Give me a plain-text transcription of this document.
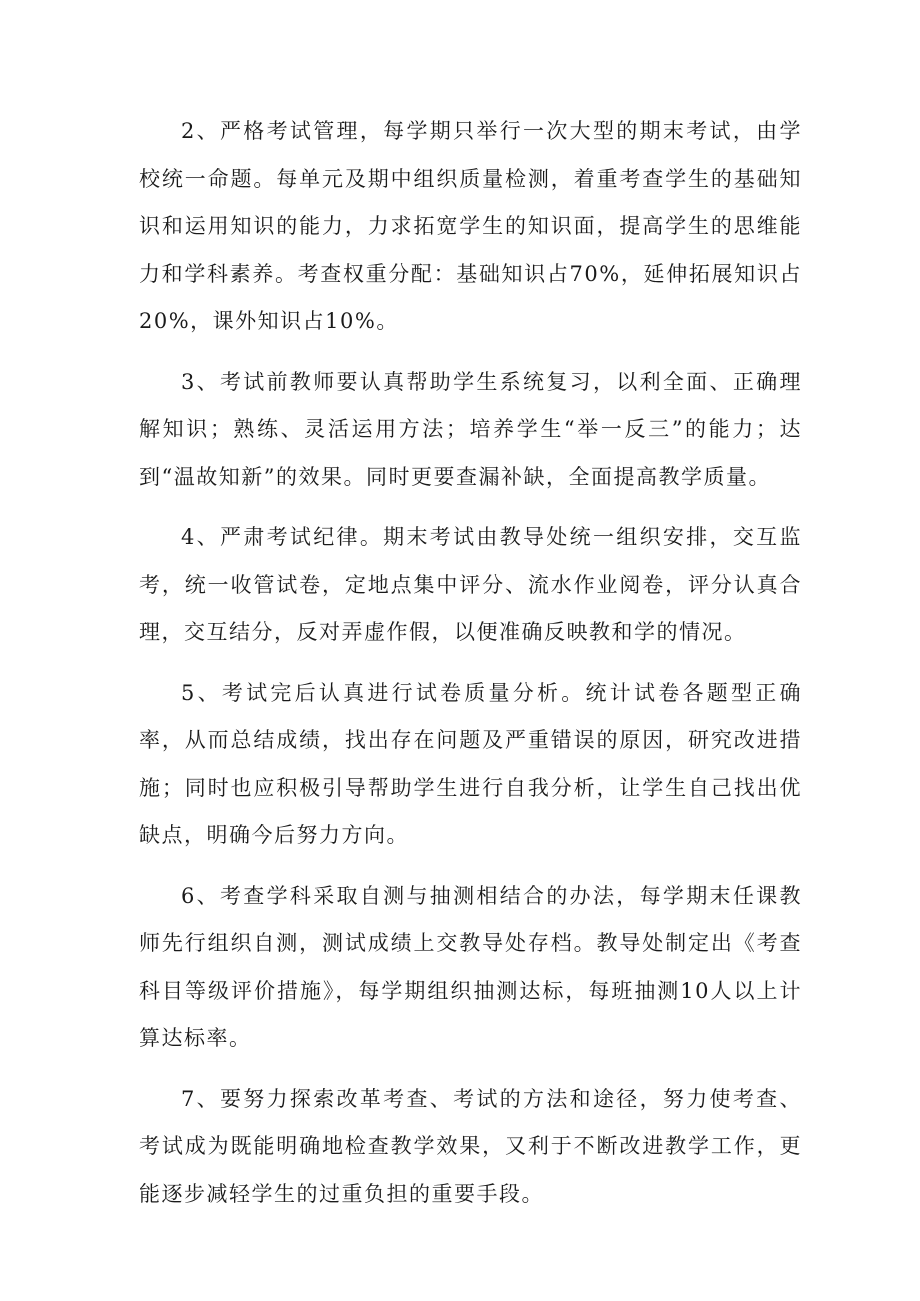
2、严格考试管理，每学期只举行一次大型的期末考试，由学校统一命题。每单元及期中组织质量检测，着重考查学生的基础知识和运用知识的能力，力求拓宽学生的知识面，提高学生的思维能力和学科素养。考查权重分配：基础知识占70%，延伸拓展知识占20%，课外知识占10%。

3、考试前教师要认真帮助学生系统复习，以利全面、正确理解知识；熟练、灵活运用方法；培养学生“举一反三”的能力；达到“温故知新”的效果。同时更要查漏补缺，全面提高教学质量。

4、严肃考试纪律。期末考试由教导处统一组织安排，交互监考，统一收管试卷，定地点集中评分、流水作业阅卷，评分认真合理，交互结分，反对弄虚作假，以便准确反映教和学的情况。

5、考试完后认真进行试卷质量分析。统计试卷各题型正确率，从而总结成绩，找出存在问题及严重错误的原因，研究改进措施；同时也应积极引导帮助学生进行自我分析，让学生自己找出优缺点，明确今后努力方向。

6、考查学科采取自测与抽测相结合的办法，每学期末任课教师先行组织自测，测试成绩上交教导处存档。教导处制定出《考查科目等级评价措施》，每学期组织抽测达标，每班抽测10人以上计算达标率。

7、要努力探索改革考查、考试的方法和途径，努力使考查、考试成为既能明确地检查教学效果，又利于不断改进教学工作，更能逐步减轻学生的过重负担的重要手段。
